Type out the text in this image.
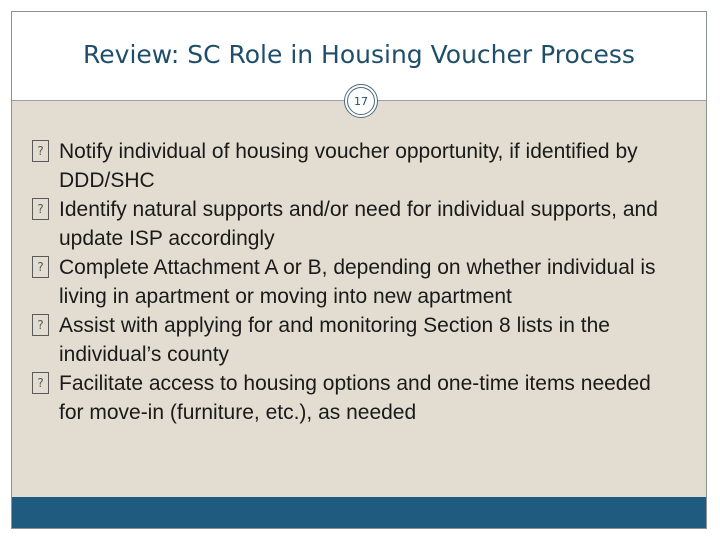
Review: SC Role in Housing Voucher Process
17
? Notify individual of housing voucher opportunity, if identified by DDD/SHC
? Identify natural supports and/or need for individual supports, and update ISP accordingly
? Complete Attachment A or B, depending on whether individual is living in apartment or moving into new apartment
? Assist with applying for and monitoring Section 8 lists in the individual’s county
? Facilitate access to housing options and one-time items needed for move-in (furniture, etc.), as needed
